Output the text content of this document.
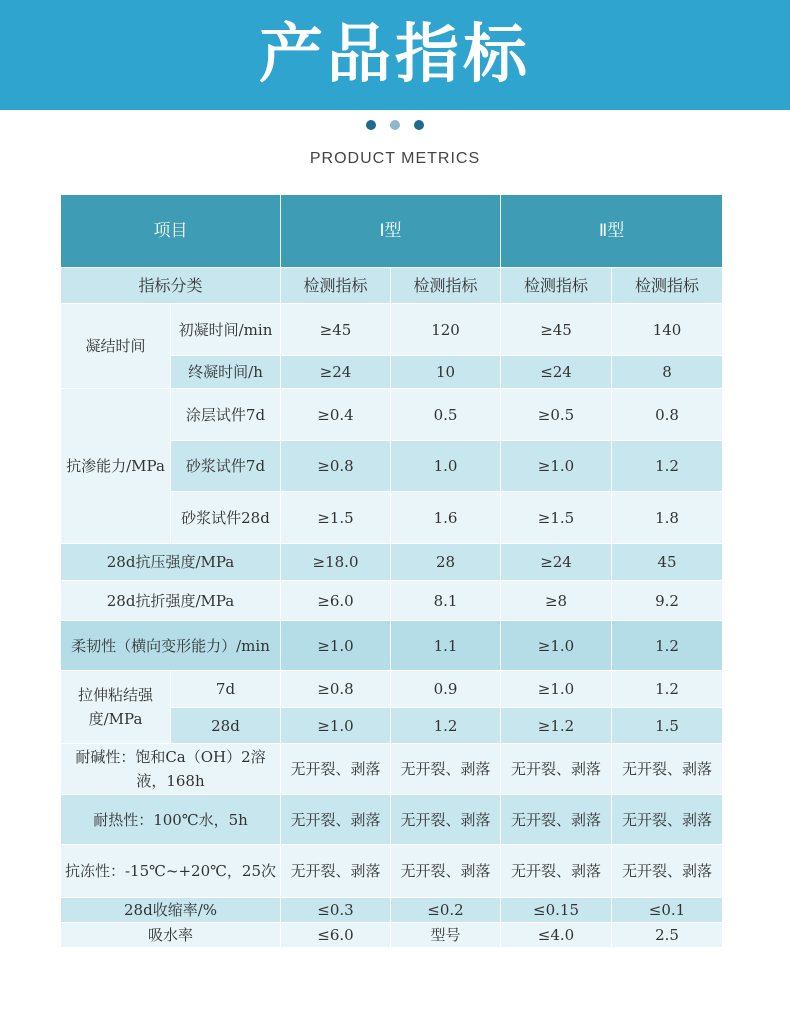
产品指标
PRODUCT METRICS
项目		Ⅰ型		Ⅱ型	
指标分类		检测指标	检测指标	检测指标	检测指标
凝结时间	初凝时间/min	≥45	120	≥45	140
	终凝时间/h	≥24	10	≤24	8
抗渗能力/MPa	涂层试件7d	≥0.4	0.5	≥0.5	0.8
	砂浆试件7d	≥0.8	1.0	≥1.0	1.2
	砂浆试件28d	≥1.5	1.6	≥1.5	1.8
28d抗压强度/MPa		≥18.0	28	≥24	45
28d抗折强度/MPa		≥6.0	8.1	≥8	9.2
柔韧性（横向变形能力）/min		≥1.0	1.1	≥1.0	1.2
拉伸粘结强度/MPa	7d	≥0.8	0.9	≥1.0	1.2
	28d	≥1.0	1.2	≥1.2	1.5
耐碱性：饱和Ca（OH）2溶液，168h		无开裂、剥落	无开裂、剥落	无开裂、剥落	无开裂、剥落
耐热性：100℃水，5h		无开裂、剥落	无开裂、剥落	无开裂、剥落	无开裂、剥落
抗冻性：-15℃~+20℃，25次		无开裂、剥落	无开裂、剥落	无开裂、剥落	无开裂、剥落
28d收缩率/%		≤0.3	≤0.2	≤0.15	≤0.1
吸水率		≤6.0	型号	≤4.0	2.5
